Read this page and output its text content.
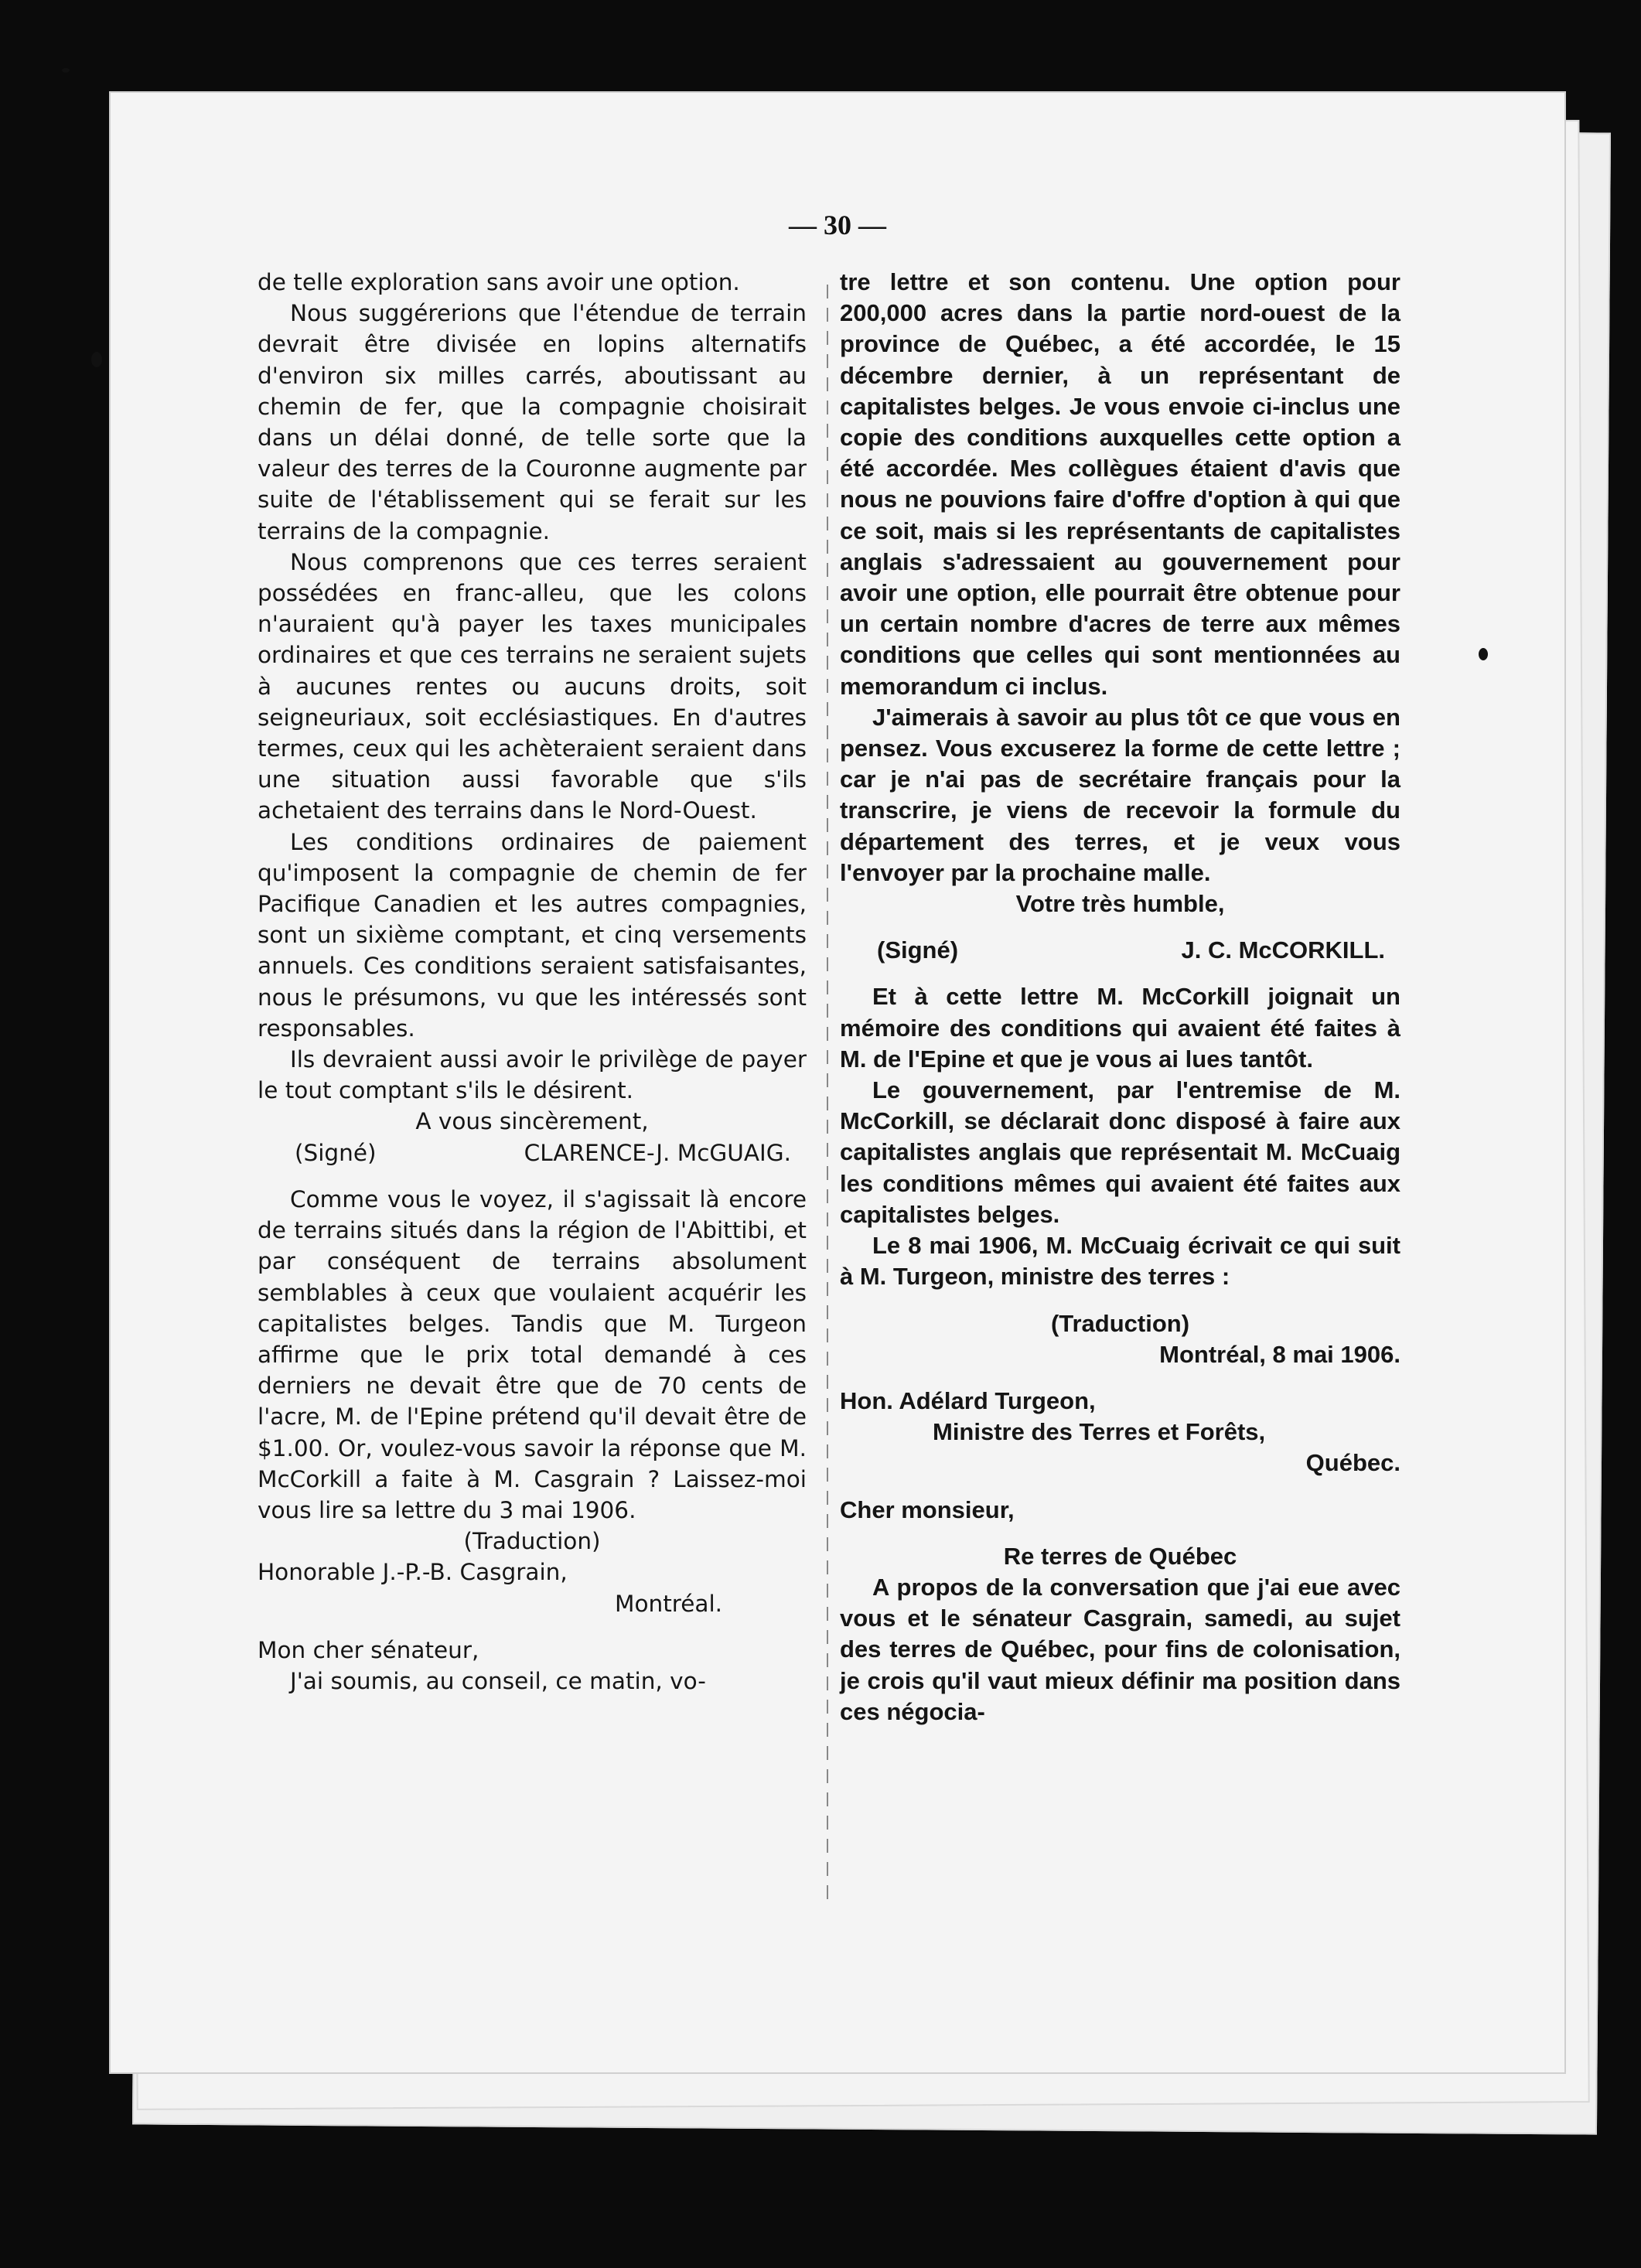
— 30 —

de telle exploration sans avoir une option.

Nous suggérerions que l'étendue de terrain devrait être divisée en lopins alternatifs d'environ six milles carrés, aboutissant au chemin de fer, que la compagnie choisirait dans un délai donné, de telle sorte que la valeur des terres de la Couronne augmente par suite de l'établissement qui se ferait sur les terrains de la compagnie.

Nous comprenons que ces terres seraient possédées en franc-alleu, que les colons n'auraient qu'à payer les taxes municipales ordinaires et que ces terrains ne seraient sujets à aucunes rentes ou aucuns droits, soit seigneuriaux, soit ecclésiastiques. En d'autres termes, ceux qui les achèteraient seraient dans une situation aussi favorable que s'ils achetaient des terrains dans le Nord-Ouest.

Les conditions ordinaires de paiement qu'imposent la compagnie de chemin de fer Pacifique Canadien et les autres compagnies, sont un sixième comptant, et cinq versements annuels. Ces conditions seraient satisfaisantes, nous le présumons, vu que les intéressés sont responsables.

Ils devraient aussi avoir le privilège de payer le tout comptant s'ils le désirent.

A vous sincèrement,

(Signé)	CLARENCE-J. McGUAIG.

Comme vous le voyez, il s'agissait là encore de terrains situés dans la région de l'Abittibi, et par conséquent de terrains absolument semblables à ceux que voulaient acquérir les capitalistes belges. Tandis que M. Turgeon affirme que le prix total demandé à ces derniers ne devait être que de 70 cents de l'acre, M. de l'Epine prétend qu'il devait être de $1.00. Or, voulez-vous savoir la réponse que M. McCorkill a faite à M. Casgrain ? Laissez-moi vous lire sa lettre du 3 mai 1906.

(Traduction)

Honorable J.-P.-B. Casgrain,

Montréal.

Mon cher sénateur,

J'ai soumis, au conseil, ce matin, vo-

tre lettre et son contenu. Une option pour 200,000 acres dans la partie nord-ouest de la province de Québec, a été accordée, le 15 décembre dernier, à un représentant de capitalistes belges. Je vous envoie ci-inclus une copie des conditions auxquelles cette option a été accordée. Mes collègues étaient d'avis que nous ne pouvions faire d'offre d'option à qui que ce soit, mais si les représentants de capitalistes anglais s'adressaient au gouvernement pour avoir une option, elle pourrait être obtenue pour un certain nombre d'acres de terre aux mêmes conditions que celles qui sont mentionnées au memorandum ci inclus.

J'aimerais à savoir au plus tôt ce que vous en pensez. Vous excuserez la forme de cette lettre ; car je n'ai pas de secrétaire français pour la transcrire, je viens de recevoir la formule du département des terres, et je veux vous l'envoyer par la prochaine malle.

Votre très humble,

(Signé)	J. C. McCORKILL.

Et à cette lettre M. McCorkill joignait un mémoire des conditions qui avaient été faites à M. de l'Epine et que je vous ai lues tantôt.

Le gouvernement, par l'entremise de M. McCorkill, se déclarait donc disposé à faire aux capitalistes anglais que représentait M. McCuaig les conditions mêmes qui avaient été faites aux capitalistes belges.

Le 8 mai 1906, M. McCuaig écrivait ce qui suit à M. Turgeon, ministre des terres :

(Traduction)

Montréal, 8 mai 1906.

Hon. Adélard Turgeon,

Ministre des Terres et Forêts,

Québec.

Cher monsieur,

Re terres de Québec

A propos de la conversation que j'ai eue avec vous et le sénateur Casgrain, samedi, au sujet des terres de Québec, pour fins de colonisation, je crois qu'il vaut mieux définir ma position dans ces négocia-
